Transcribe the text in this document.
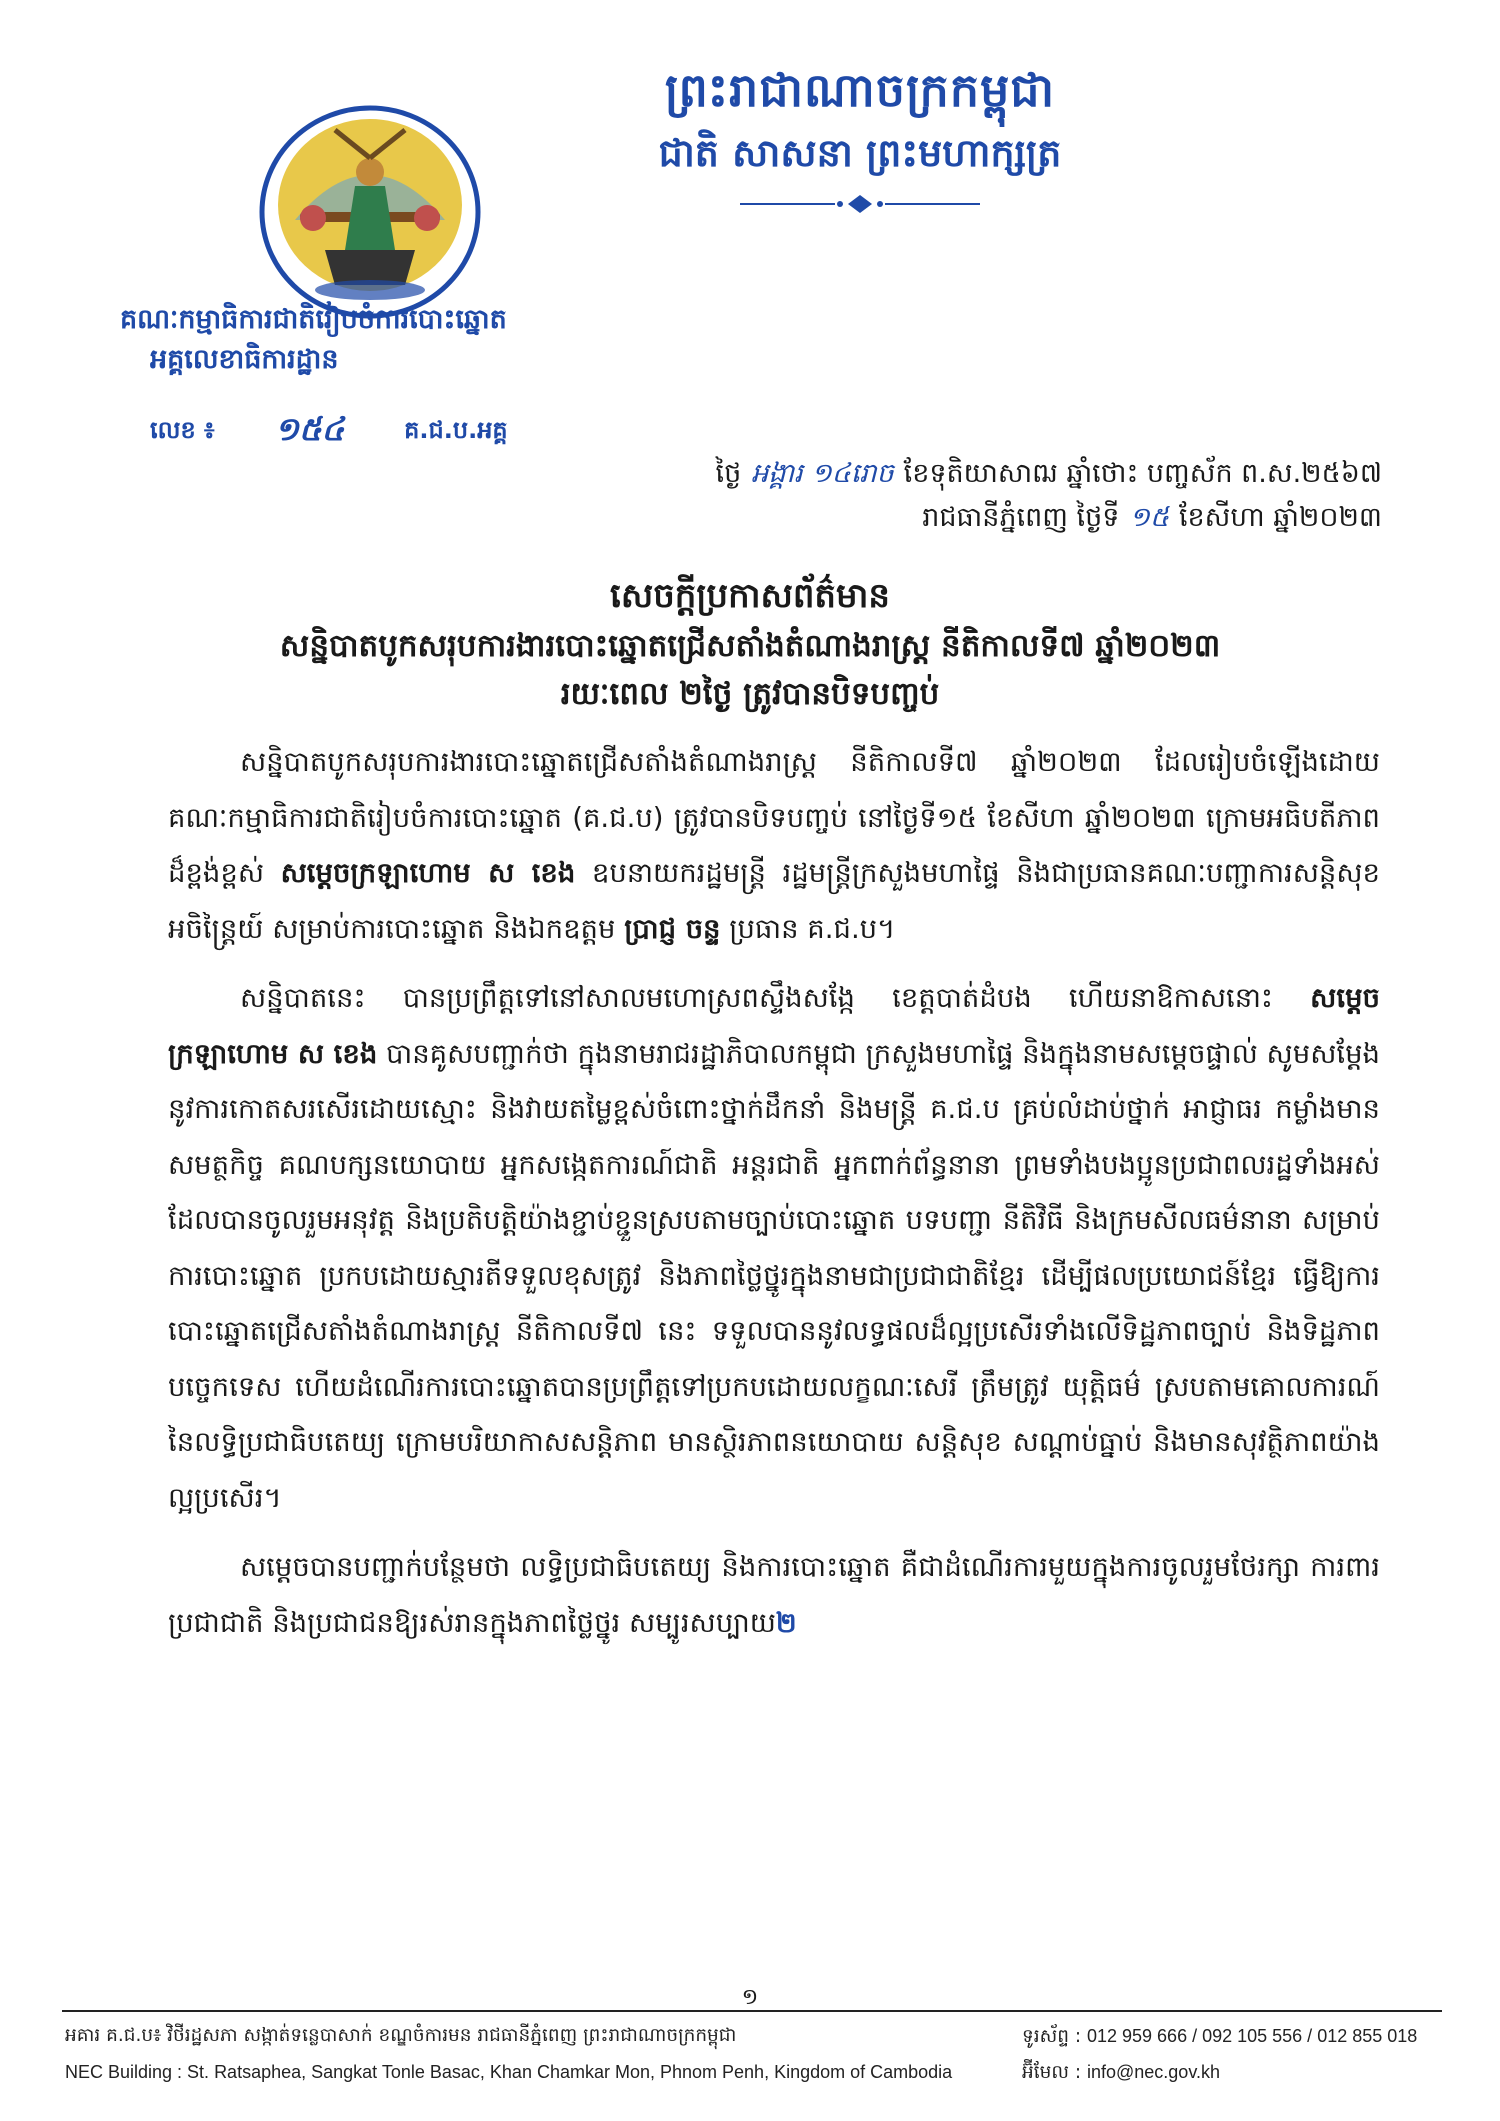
ព្រះរាជាណាចក្រកម្ពុជា
ជាតិ សាសនា ព្រះមហាក្សត្រ
គណៈកម្មាធិការជាតិរៀបចំការបោះឆ្នោត
អគ្គលេខាធិការដ្ឋាន
លេខ ៖ ១៥៤	គ.ជ.ប.អគ្គ
ថ្ងៃ អង្គារ ១៤រោច ខែទុតិយាសាឍ ឆ្នាំថោះ បញ្ចស័ក ព.ស.២៥៦៧
រាជធានីភ្នំពេញ ថ្ងៃទី ១៥ ខែសីហា ឆ្នាំ២០២៣
សេចក្តីប្រកាសព័ត៌មាន
សន្និបាតបូកសរុបការងារបោះឆ្នោតជ្រើសតាំងតំណាងរាស្ត្រ នីតិកាលទី៧ ឆ្នាំ២០២៣
រយៈពេល ២ថ្ងៃ ត្រូវបានបិទបញ្ចប់

សន្និបាតបូកសរុបការងារបោះឆ្នោតជ្រើសតាំងតំណាងរាស្ត្រ នីតិកាលទី៧ ឆ្នាំ២០២៣ ដែលរៀបចំឡើងដោយគណៈកម្មាធិការជាតិរៀបចំការបោះឆ្នោត (គ.ជ.ប) ត្រូវបានបិទបញ្ចប់ នៅថ្ងៃទី១៥ ខែសីហា ឆ្នាំ២០២៣ ក្រោមអធិបតីភាពដ៏ខ្ពង់ខ្ពស់ សម្តេចក្រឡាហោម ស ខេង ឧបនាយករដ្ឋមន្ត្រី រដ្ឋមន្ត្រីក្រសួងមហាផ្ទៃ និងជាប្រធានគណៈបញ្ជាការសន្តិសុខអចិន្ត្រៃយ៍ សម្រាប់ការបោះឆ្នោត និងឯកឧត្តម ប្រាជ្ញ ចន្ទ ប្រធាន គ.ជ.ប។

សន្និបាតនេះ បានប្រព្រឹត្តទៅនៅសាលមហោស្រពស្ទឹងសង្កែ ខេត្តបាត់ដំបង ហើយនាឱកាសនោះ សម្តេចក្រឡាហោម ស ខេង បានគូសបញ្ជាក់ថា ក្នុងនាមរាជរដ្ឋាភិបាលកម្ពុជា ក្រសួងមហាផ្ទៃ និងក្នុងនាមសម្តេចផ្ទាល់ សូមសម្តែងនូវការកោតសរសើរដោយស្មោះ និងវាយតម្លៃខ្ពស់ចំពោះថ្នាក់ដឹកនាំ និងមន្ត្រី គ.ជ.ប គ្រប់លំដាប់ថ្នាក់ អាជ្ញាធរ កម្លាំងមានសមត្ថកិច្ច គណបក្សនយោបាយ អ្នកសង្កេតការណ៍ជាតិ អន្តរជាតិ អ្នកពាក់ព័ន្ធនានា ព្រមទាំងបងប្អូនប្រជាពលរដ្ឋទាំងអស់ ដែលបានចូលរួមអនុវត្ត និងប្រតិបត្តិយ៉ាងខ្ជាប់ខ្ជួនស្របតាមច្បាប់បោះឆ្នោត បទបញ្ជា នីតិវិធី និងក្រមសីលធម៌នានា សម្រាប់ការបោះឆ្នោត ប្រកបដោយស្មារតីទទួលខុសត្រូវ និងភាពថ្លៃថ្នូរក្នុងនាមជាប្រជាជាតិខ្មែរ ដើម្បីផលប្រយោជន៍ខ្មែរ ធ្វើឱ្យការបោះឆ្នោតជ្រើសតាំងតំណាងរាស្ត្រ នីតិកាលទី៧ នេះ ទទួលបាននូវលទ្ធផលដ៏ល្អប្រសើរទាំងលើទិដ្ឋភាពច្បាប់ និងទិដ្ឋភាពបច្ចេកទេស ហើយដំណើរការបោះឆ្នោតបានប្រព្រឹត្តទៅប្រកបដោយលក្ខណៈសេរី ត្រឹមត្រូវ យុត្តិធម៌ ស្របតាមគោលការណ៍នៃលទ្ធិប្រជាធិបតេយ្យ ក្រោមបរិយាកាសសន្តិភាព មានស្ថិរភាពនយោបាយ សន្តិសុខ សណ្តាប់ធ្នាប់ និងមានសុវត្ថិភាពយ៉ាងល្អប្រសើរ។

សម្តេចបានបញ្ជាក់បន្ថែមថា លទ្ធិប្រជាធិបតេយ្យ និងការបោះឆ្នោត គឺជាដំណើរការមួយក្នុងការចូលរួមថែរក្សា ការពារប្រជាជាតិ និងប្រជាជនឱ្យរស់រានក្នុងភាពថ្លៃថ្នូរ សម្បូរសប្បាយ២

១
អគារ គ.ជ.ប៖ វិថីរដ្ឋសភា សង្កាត់ទន្លេបាសាក់ ខណ្ឌចំការមន រាជធានីភ្នំពេញ ព្រះរាជាណាចក្រកម្ពុជា
NEC Building : St. Ratsaphea, Sangkat Tonle Basac, Khan Chamkar Mon, Phnom Penh, Kingdom of Cambodia
ទូរស័ព្ទ : 012 959 666 / 092 105 556 / 012 855 018
អ៊ីមែល : info@nec.gov.kh
